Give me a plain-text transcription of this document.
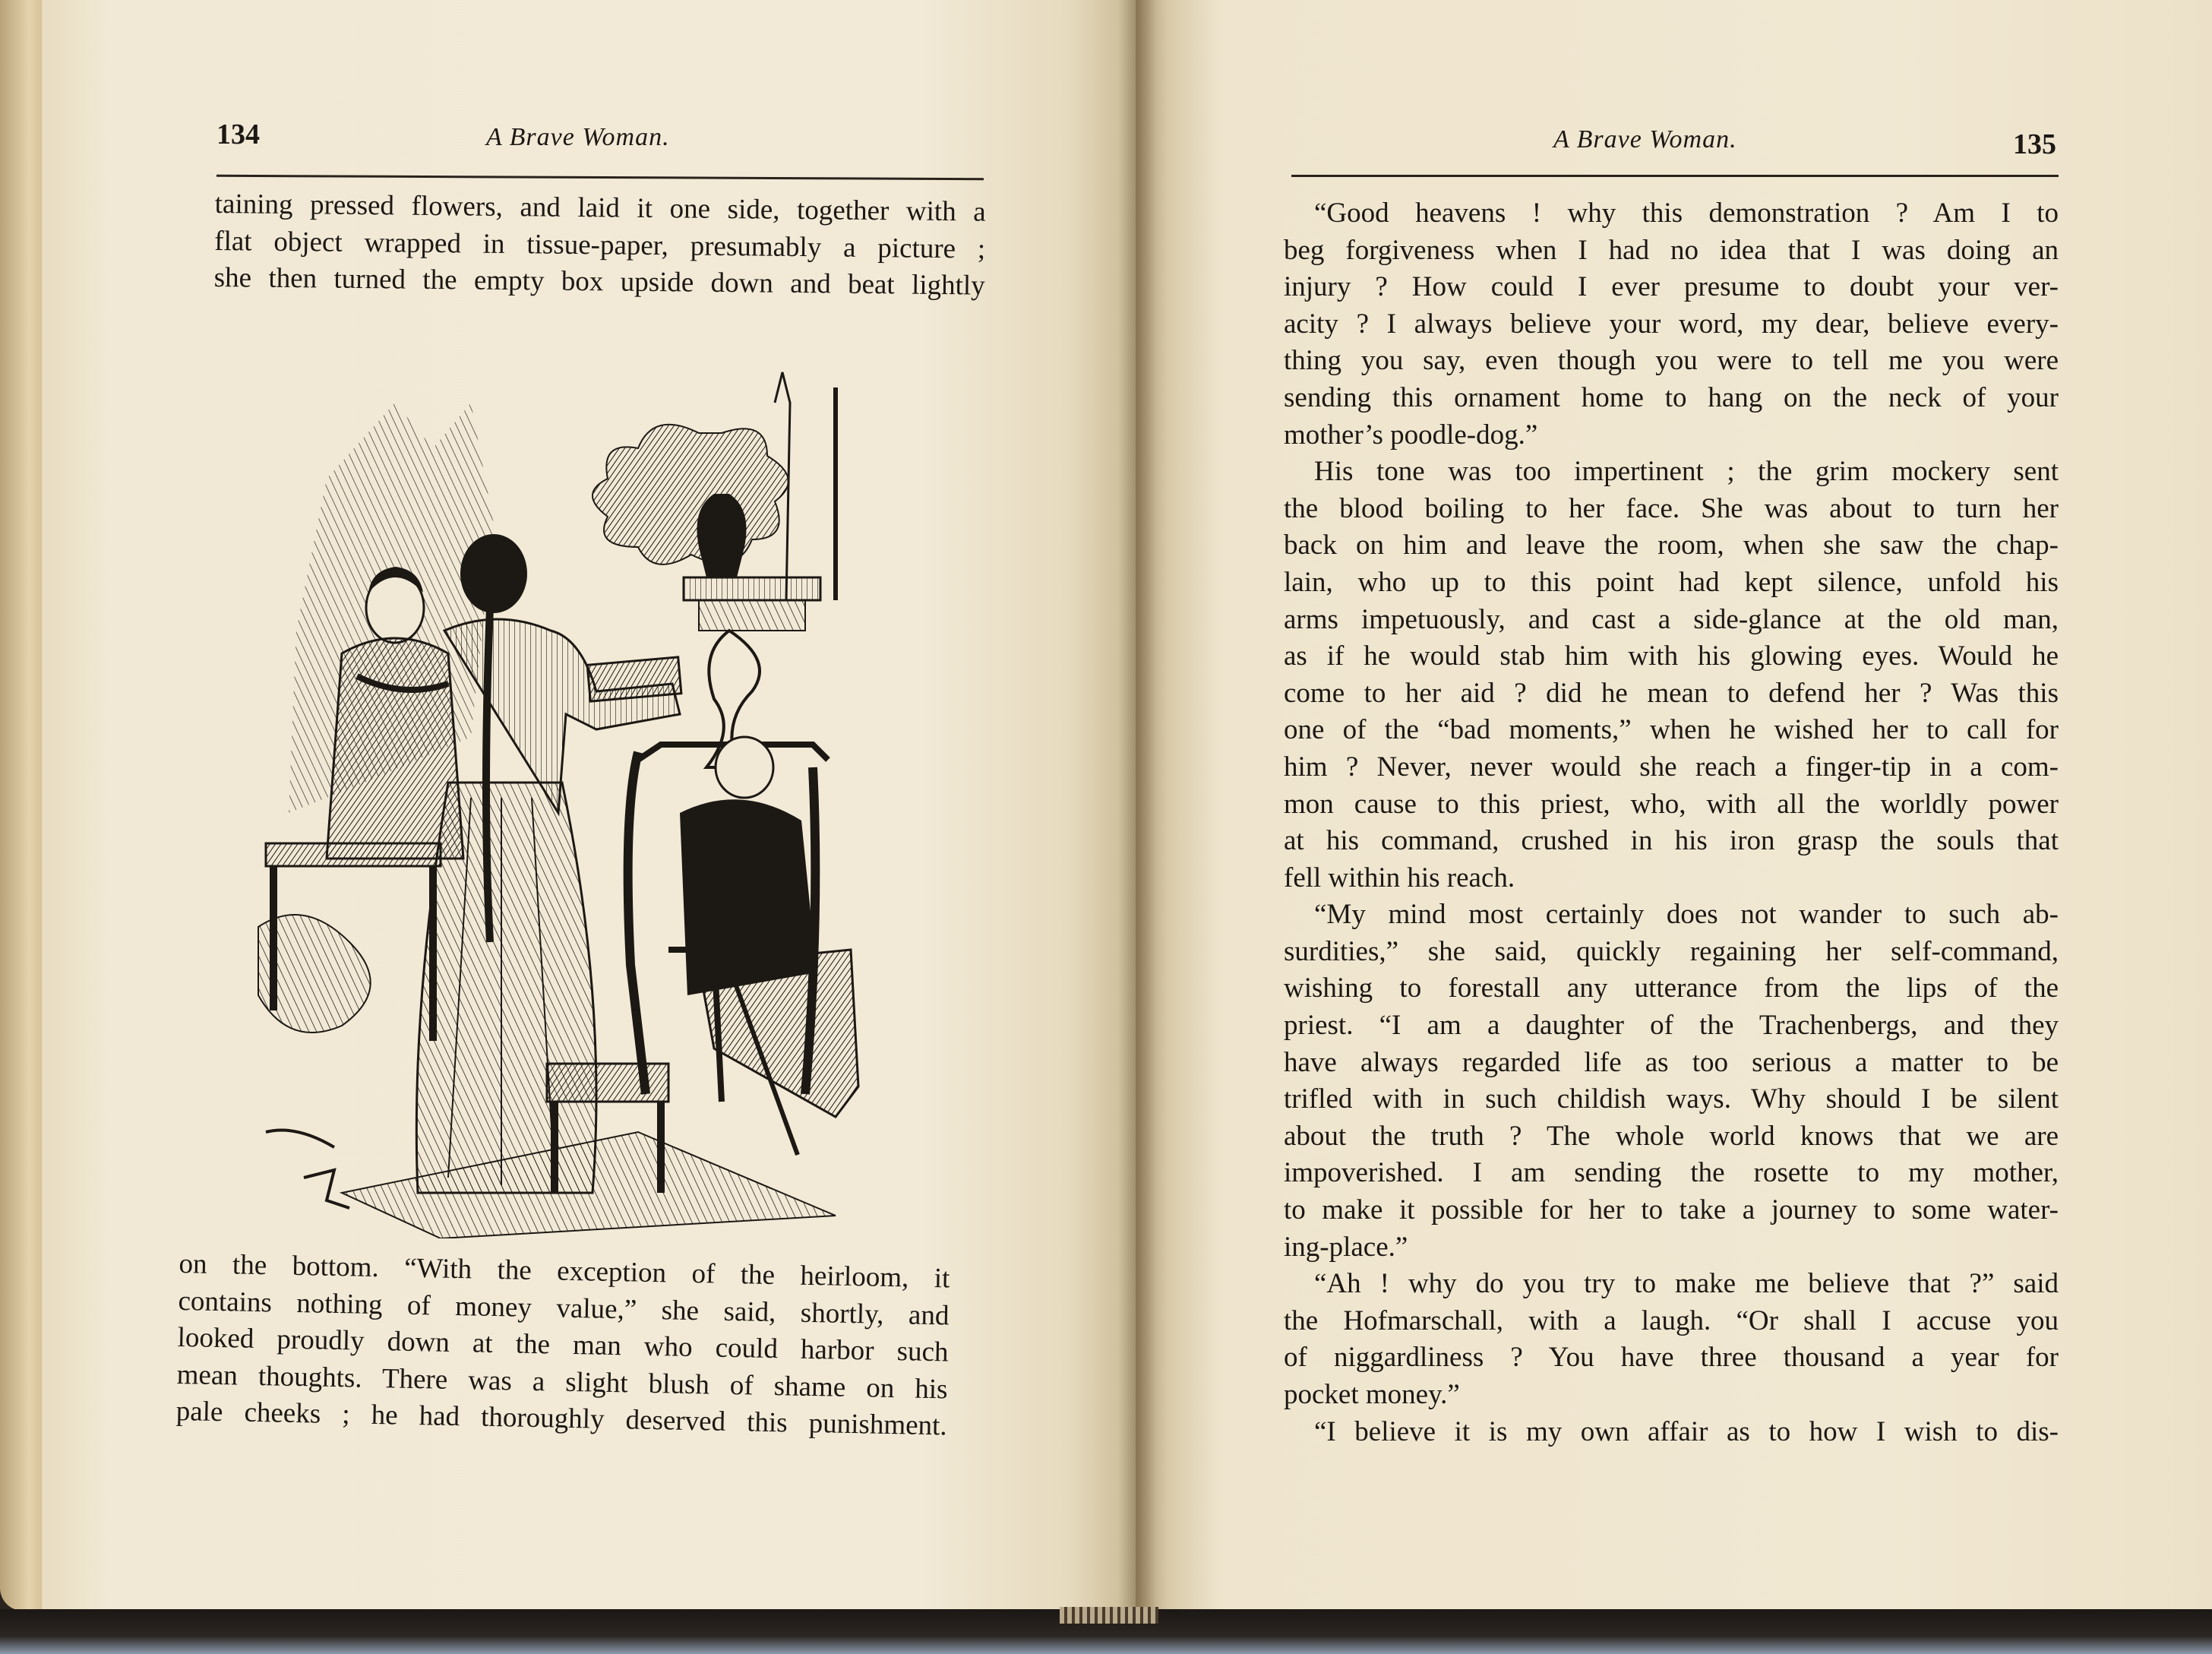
134	A Brave Woman.
taining pressed flowers, and laid it one side, together with a
flat object wrapped in tissue-paper, presumably a picture ;
she then turned the empty box upside down and beat lightly
on the bottom. “With the exception of the heirloom, it
contains nothing of money value,” she said, shortly, and
looked proudly down at the man who could harbor such
mean thoughts. There was a slight blush of shame on his
pale cheeks ; he had thoroughly deserved this punishment.
A Brave Woman.	135
“Good heavens ! why this demonstration ? Am I to
beg forgiveness when I had no idea that I was doing an
injury ? How could I ever presume to doubt your ver-
acity ? I always believe your word, my dear, believe every-
thing you say, even though you were to tell me you were
sending this ornament home to hang on the neck of your
mother’s poodle-dog.”
His tone was too impertinent ; the grim mockery sent
the blood boiling to her face. She was about to turn her
back on him and leave the room, when she saw the chap-
lain, who up to this point had kept silence, unfold his
arms impetuously, and cast a side-glance at the old man,
as if he would stab him with his glowing eyes. Would he
come to her aid ? did he mean to defend her ? Was this
one of the “bad moments,” when he wished her to call for
him ? Never, never would she reach a finger-tip in a com-
mon cause to this priest, who, with all the worldly power
at his command, crushed in his iron grasp the souls that
fell within his reach.
“My mind most certainly does not wander to such ab-
surdities,” she said, quickly regaining her self-command,
wishing to forestall any utterance from the lips of the
priest. “I am a daughter of the Trachenbergs, and they
have always regarded life as too serious a matter to be
trifled with in such childish ways. Why should I be silent
about the truth ? The whole world knows that we are
impoverished. I am sending the rosette to my mother,
to make it possible for her to take a journey to some water-
ing-place.”
“Ah ! why do you try to make me believe that ?” said
the Hofmarschall, with a laugh. “Or shall I accuse you
of niggardliness ? You have three thousand a year for
pocket money.”
“I believe it is my own affair as to how I wish to dis-
